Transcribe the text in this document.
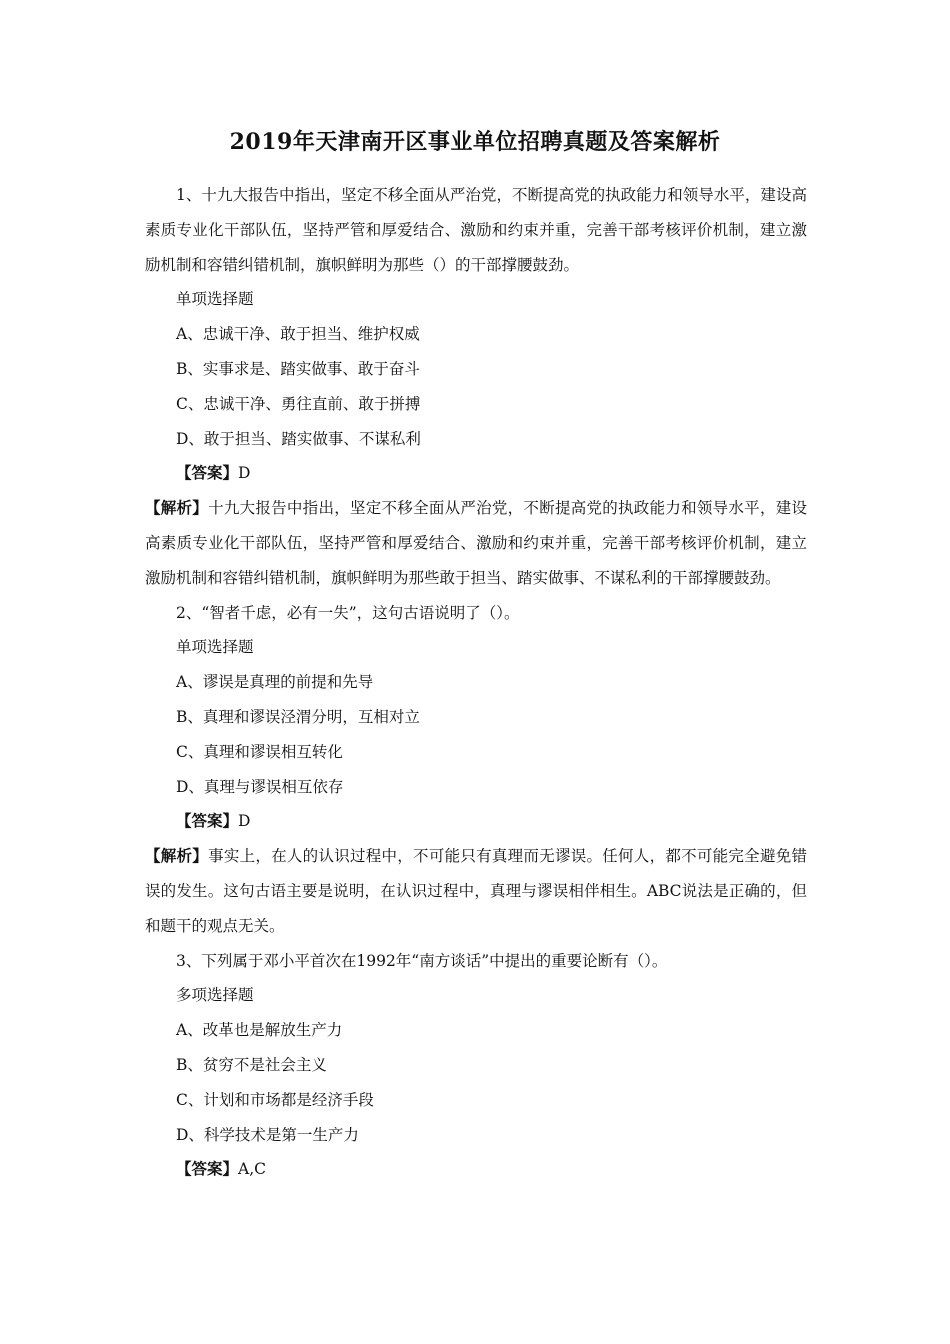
2019年天津南开区事业单位招聘真题及答案解析

1、十九大报告中指出，坚定不移全面从严治党，不断提高党的执政能力和领导水平，建设高素质专业化干部队伍，坚持严管和厚爱结合、激励和约束并重，完善干部考核评价机制，建立激励机制和容错纠错机制，旗帜鲜明为那些（）的干部撑腰鼓劲。

单项选择题

A、忠诚干净、敢于担当、维护权威

B、实事求是、踏实做事、敢于奋斗

C、忠诚干净、勇往直前、敢于拼搏

D、敢于担当、踏实做事、不谋私利

【答案】D

【解析】十九大报告中指出，坚定不移全面从严治党，不断提高党的执政能力和领导水平，建设高素质专业化干部队伍，坚持严管和厚爱结合、激励和约束并重，完善干部考核评价机制，建立激励机制和容错纠错机制，旗帜鲜明为那些敢于担当、踏实做事、不谋私利的干部撑腰鼓劲。

2、“智者千虑，必有一失”，这句古语说明了（）。

单项选择题

A、谬误是真理的前提和先导

B、真理和谬误泾渭分明，互相对立

C、真理和谬误相互转化

D、真理与谬误相互依存

【答案】D

【解析】事实上，在人的认识过程中，不可能只有真理而无谬误。任何人，都不可能完全避免错误的发生。这句古语主要是说明，在认识过程中，真理与谬误相伴相生。ABC说法是正确的，但和题干的观点无关。

3、下列属于邓小平首次在1992年“南方谈话”中提出的重要论断有（）。

多项选择题

A、改革也是解放生产力

B、贫穷不是社会主义

C、计划和市场都是经济手段

D、科学技术是第一生产力

【答案】A,C
